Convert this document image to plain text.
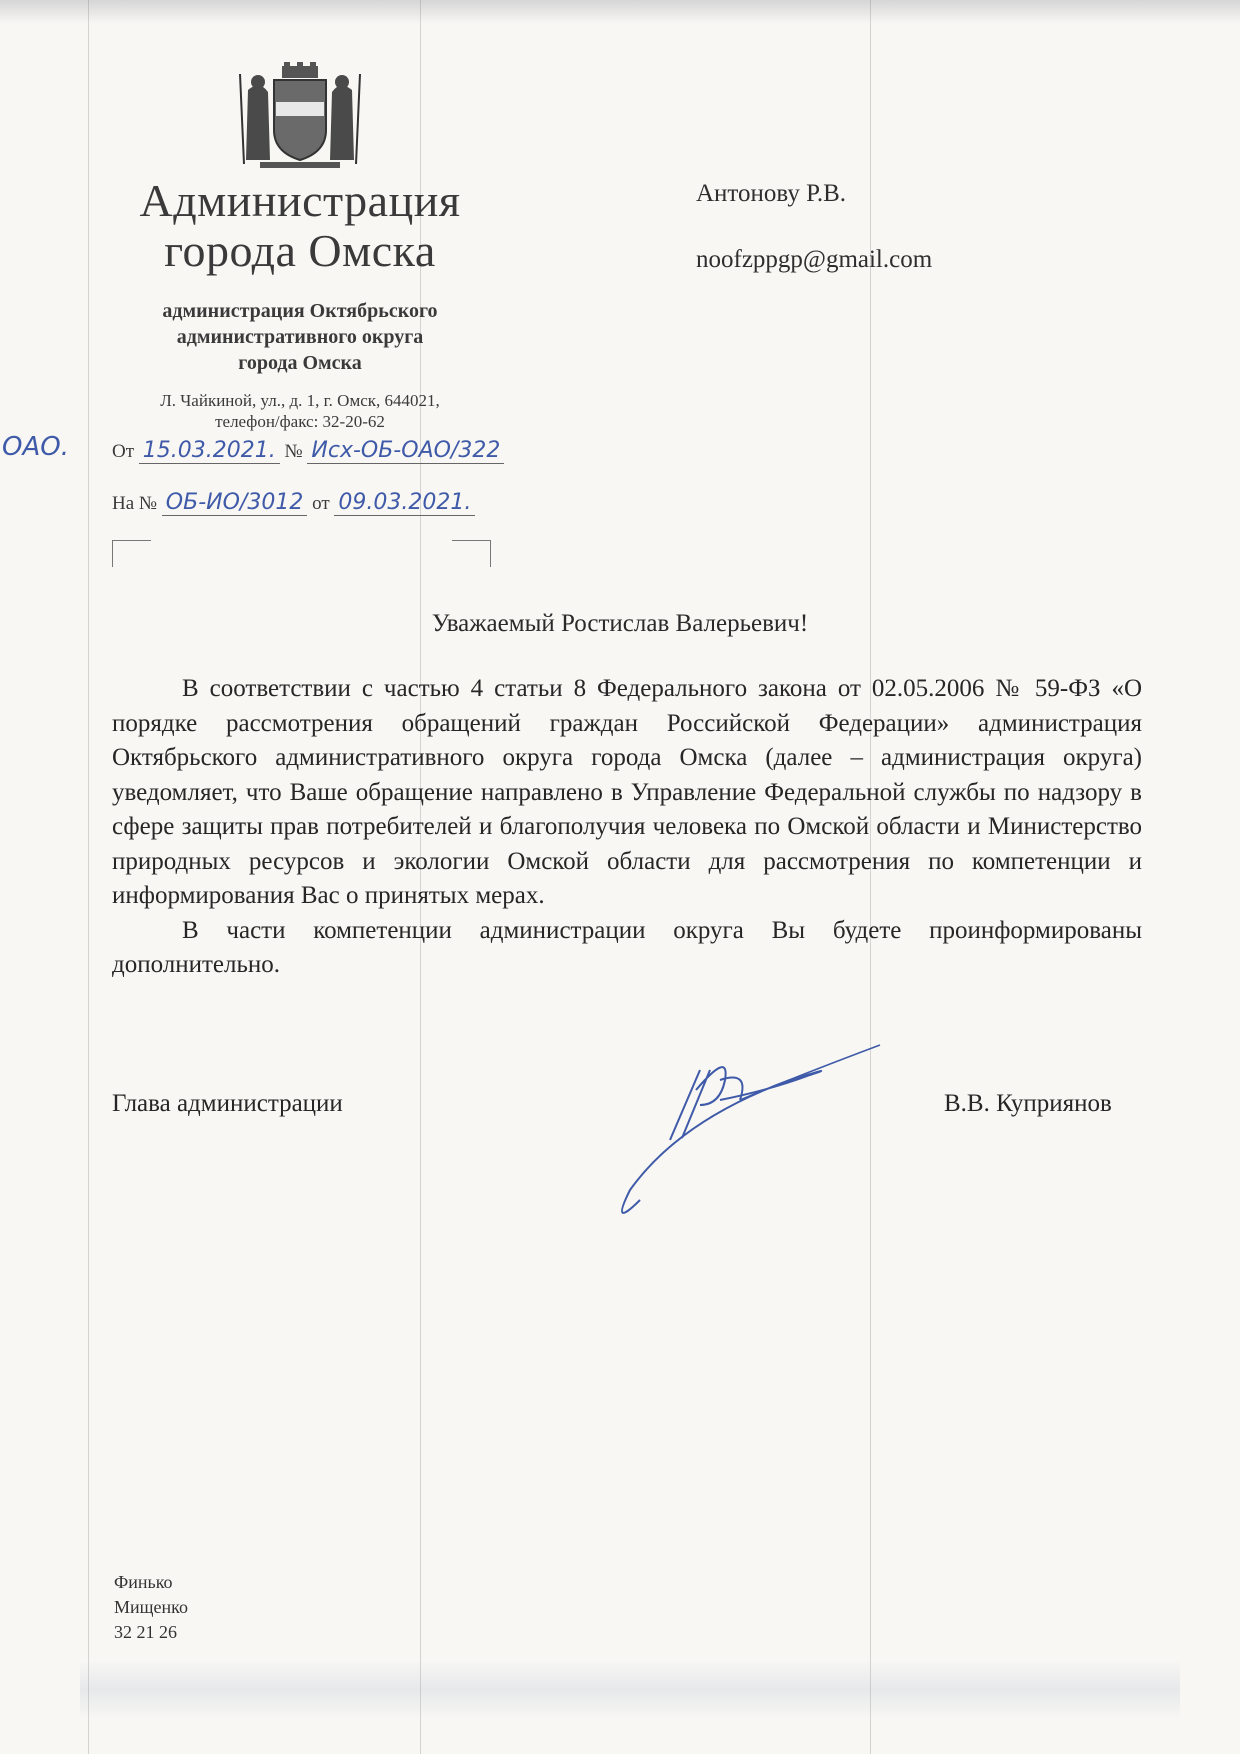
Администрация
города Омска
администрация Октябрьского
административного округа
города Омска
Л. Чайкиной, ул., д. 1, г. Омск, 644021,
телефон/факс: 32-20-62
ОАО. От 15.03.2021. № Исх-ОБ-ОАО/322
На № ОБ-ИО/3012 от 09.03.2021.
Антонову Р.В.
noofzppgp@gmail.com
Уважаемый Ростислав Валерьевич!

В соответствии с частью 4 статьи 8 Федерального закона от 02.05.2006 № 59-ФЗ «О порядке рассмотрения обращений граждан Российской Федерации» администрация Октябрьского административного округа города Омска (далее – администрация округа) уведомляет, что Ваше обращение направлено в Управление Федеральной службы по надзору в сфере защиты прав потребителей и благополучия человека по Омской области и Министерство природных ресурсов и экологии Омской области для рассмотрения по компетенции и информирования Вас о принятых мерах.

В части компетенции администрации округа Вы будете проинформированы дополнительно.

Глава администрации	В.В. Куприянов
Финько
Мищенко
32 21 26
